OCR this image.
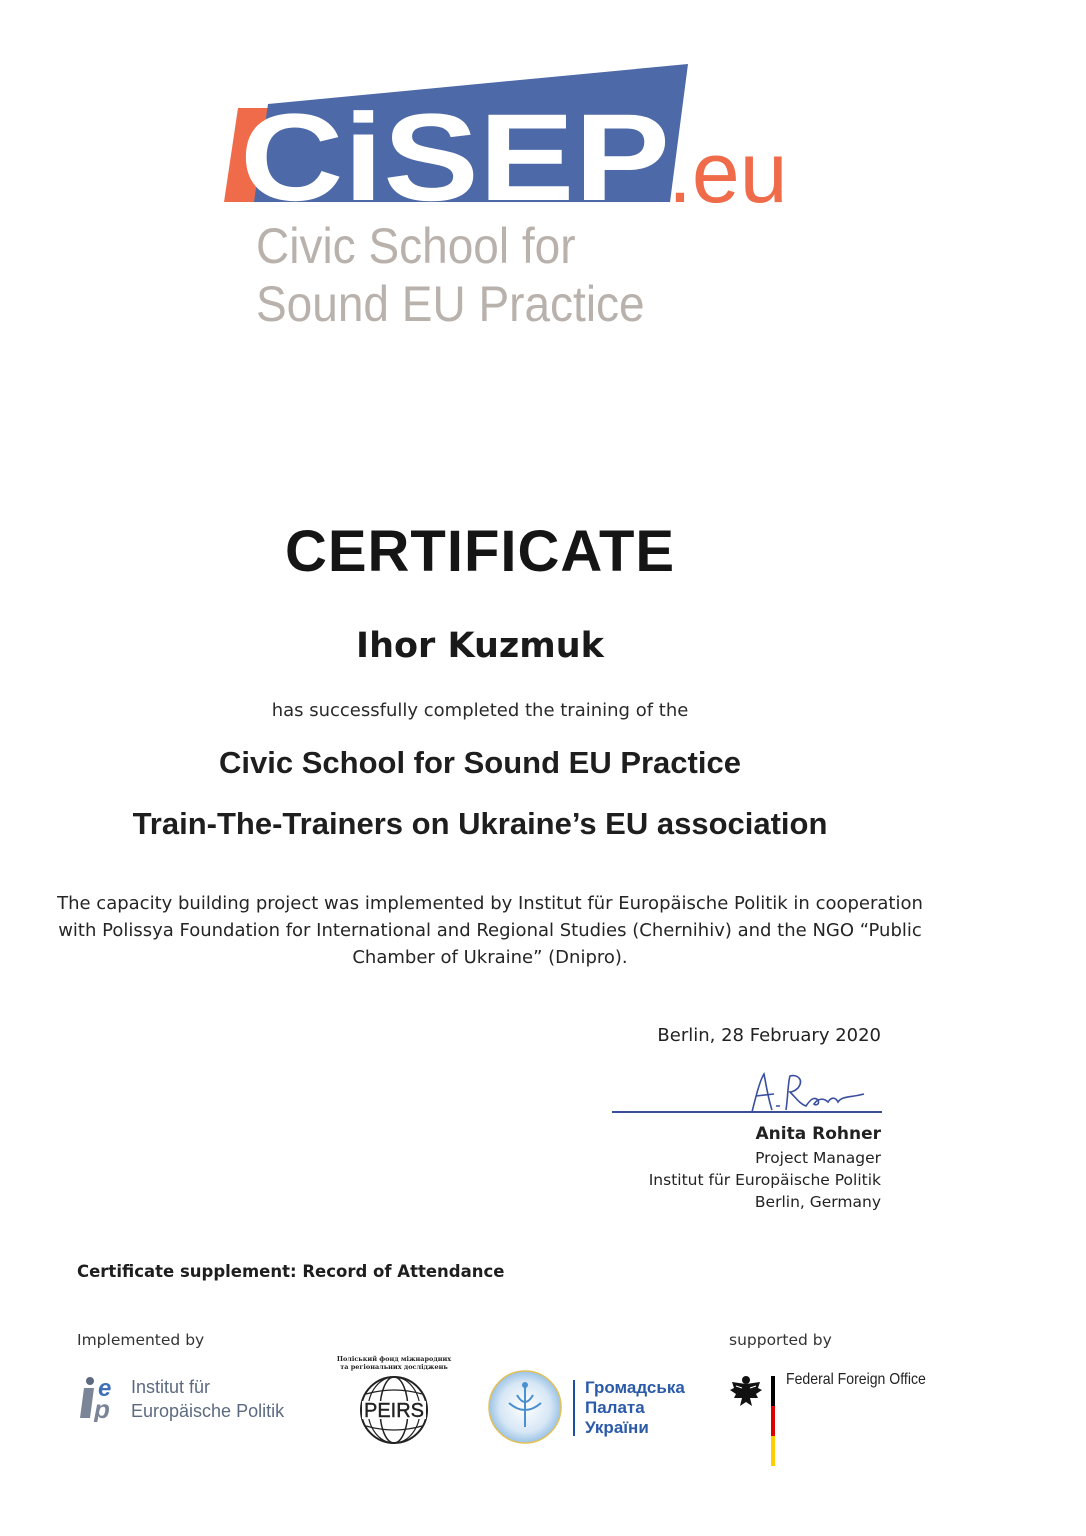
CiSEP
.eu
Civic School for
Sound EU Practice
CERTIFICATE
Ihor Kuzmuk
has successfully completed the training of the
Civic School for Sound EU Practice
Train-The-Trainers on Ukraine’s EU association
The capacity building project was implemented by Institut für Europäische Politik in cooperation with Polissya Foundation for International and Regional Studies (Chernihiv) and the NGO “Public Chamber of Ukraine” (Dnipro).
Berlin, 28 February 2020
Anita Rohner
Project Manager
Institut für Europäische Politik
Berlin, Germany
Certificate supplement: Record of Attendance
Implemented by	supported by
e
p
Institut für
Europäische Politik
Поліський фонд міжнародних та регіональних досліджень
PEIRS
Громадська
Палата
України
Federal Foreign Office
